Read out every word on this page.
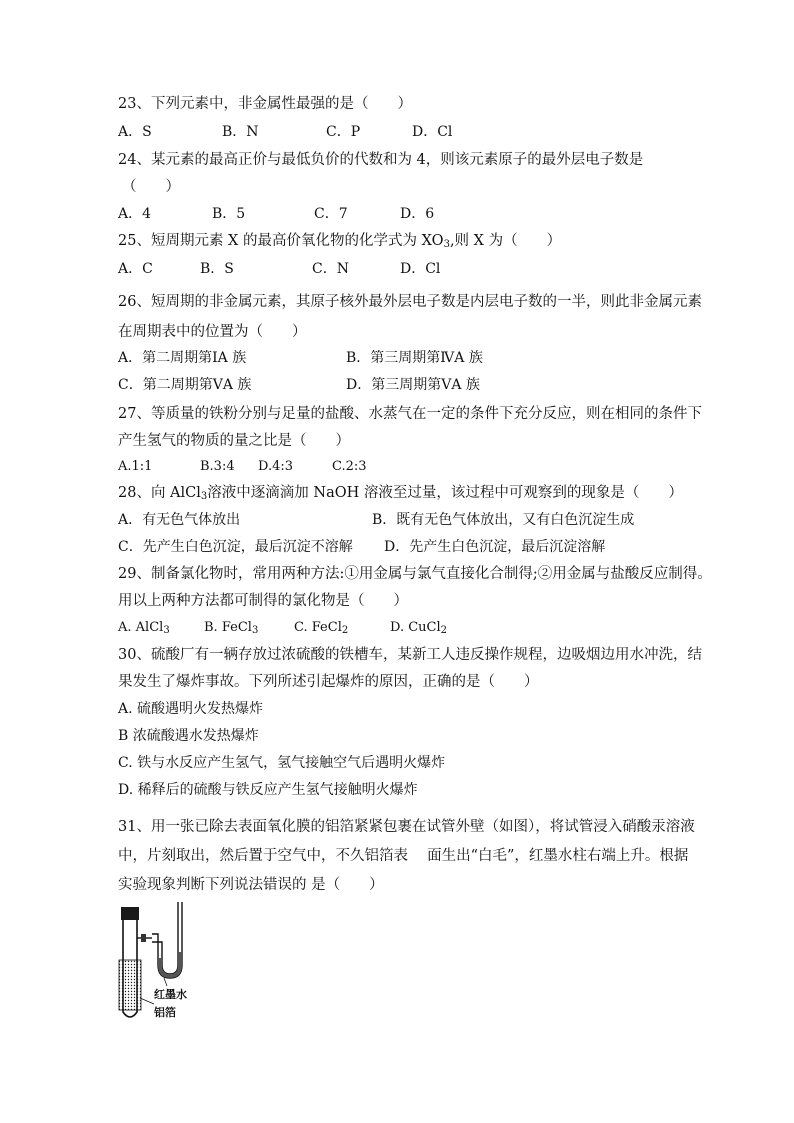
23、下列元素中，非金属性最强的是（　　）
A．S	B．N	C．P	D．Cl
24、某元素的最高正价与最低负价的代数和为 4，则该元素原子的最外层电子数是
（　　）
A．4	B．5	C．7	D．6
25、短周期元素 X 的最高价氧化物的化学式为 $XO_3$,则 X 为（　　）
A．C	B．S	C．N	D．Cl
26、短周期的非金属元素，其原子核外最外层电子数是内层电子数的一半，则此非金属元素
在周期表中的位置为（　　）
A．第二周期第ⅠA 族	B．第三周期第ⅣA 族
C．第二周期第ⅤA 族	D．第三周期第ⅤA 族
27、等质量的铁粉分别与足量的盐酸、水蒸气在一定的条件下充分反应，则在相同的条件下
产生氢气的物质的量之比是（　　）
A.1:1	B.3:4 D.4:3	C.2:3
28、向 AlCl$_3$溶液中逐滴滴加 NaOH 溶液至过量，该过程中可观察到的现象是（　　）
A．有无色气体放出	B．既有无色气体放出，又有白色沉淀生成
C．先产生白色沉淀，最后沉淀不溶解 D．先产生白色沉淀，最后沉淀溶解
29、制备氯化物时，常用两种方法:①用金属与氯气直接化合制得;②用金属与盐酸反应制得。
用以上两种方法都可制得的氯化物是（　　）
A. AlCl$_3$	B. FeCl$_3$	C. FeCl$_2$	D. CuCl$_2$
30、硫酸厂有一辆存放过浓硫酸的铁槽车，某新工人违反操作规程，边吸烟边用水冲洗，结
果发生了爆炸事故。下列所述引起爆炸的原因，正确的是（　　）
A. 硫酸遇明火发热爆炸
B 浓硫酸遇水发热爆炸
C. 铁与水反应产生氢气，氢气接触空气后遇明火爆炸
D. 稀释后的硫酸与铁反应产生氢气接触明火爆炸
31、用一张已除去表面氧化膜的铝箔紧紧包裹在试管外壁（如图），将试管浸入硝酸汞溶液
中，片刻取出，然后置于空气中，不久铝箔表　 面生出“白毛”，红墨水柱右端上升。根据
实验现象判断下列说法错误的 是（　　）
红墨水
铝箔
